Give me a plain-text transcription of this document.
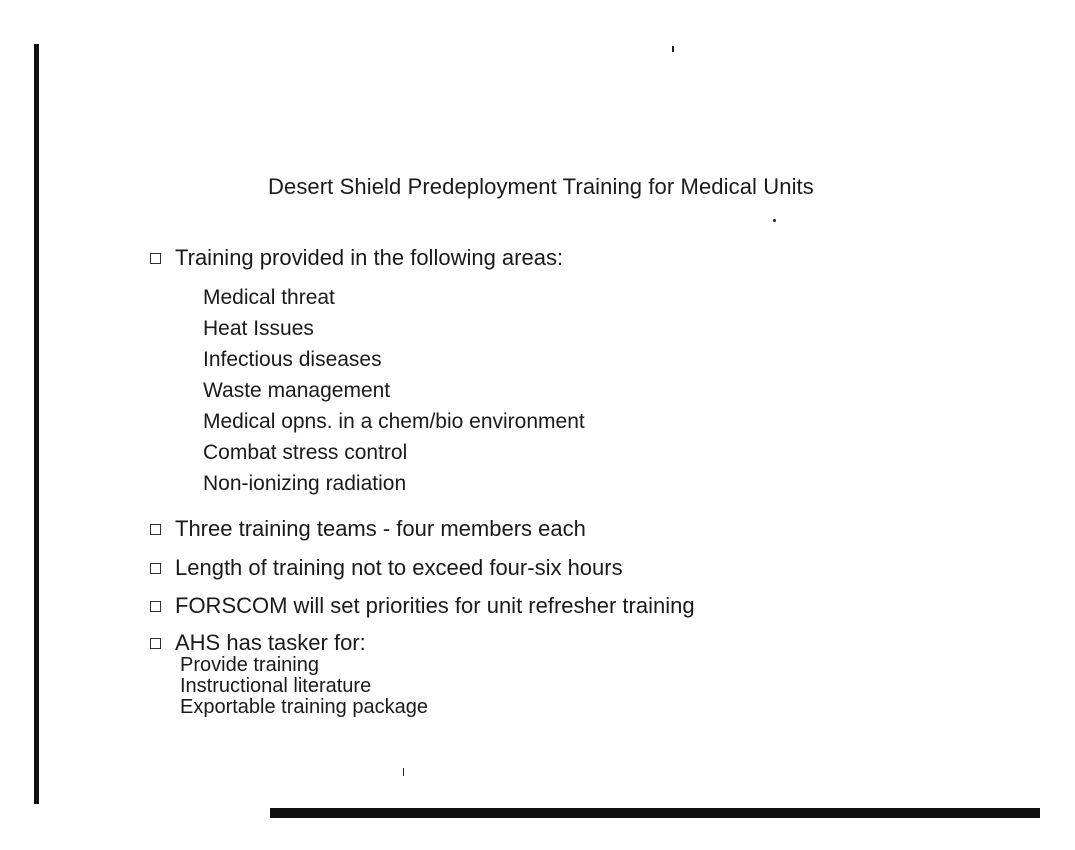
Desert Shield Predeployment Training for Medical Units
Training provided in the following areas:
Medical threat
Heat Issues
Infectious diseases
Waste management
Medical opns. in a chem/bio environment
Combat stress control
Non-ionizing radiation
Three training teams - four members each
Length of training not to exceed four-six hours
FORSCOM will set priorities for unit refresher training
AHS has tasker for:
Provide training
Instructional literature
Exportable training package
